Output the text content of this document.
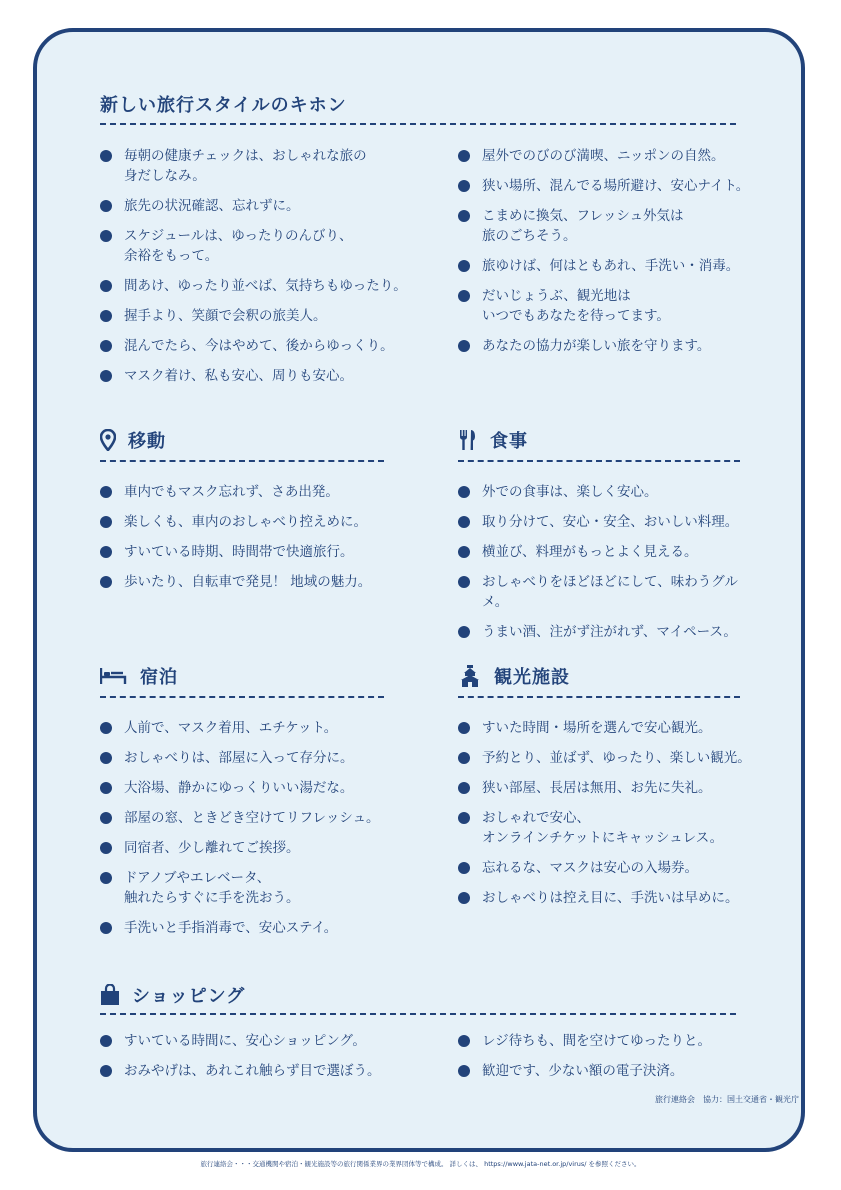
新しい旅行スタイルのキホン
毎朝の健康チェックは、おしゃれな旅の
身だしなみ。
旅先の状況確認、忘れずに。
スケジュールは、ゆったりのんびり、
余裕をもって。
間あけ、ゆったり並べば、気持ちもゆったり。
握手より、笑顔で会釈の旅美人。
混んでたら、今はやめて、後からゆっくり。
マスク着け、私も安心、周りも安心。
屋外でのびのび満喫、ニッポンの自然。
狭い場所、混んでる場所避け、安心ナイト。
こまめに換気、フレッシュ外気は
旅のごちそう。
旅ゆけば、何はともあれ、手洗い・消毒。
だいじょうぶ、観光地は
いつでもあなたを待ってます。
あなたの協力が楽しい旅を守ります。
移動
車内でもマスク忘れず、さあ出発。
楽しくも、車内のおしゃべり控えめに。
すいている時期、時間帯で快適旅行。
歩いたり、自転車で発見！ 地域の魅力。
食事
外での食事は、楽しく安心。
取り分けて、安心・安全、おいしい料理。
横並び、料理がもっとよく見える。
おしゃべりをほどほどにして、味わうグルメ。
うまい酒、注がず注がれず、マイペース。
宿泊
人前で、マスク着用、エチケット。
おしゃべりは、部屋に入って存分に。
大浴場、静かにゆっくりいい湯だな。
部屋の窓、ときどき空けてリフレッシュ。
同宿者、少し離れてご挨拶。
ドアノブやエレベータ、
触れたらすぐに手を洗おう。
手洗いと手指消毒で、安心ステイ。
観光施設
すいた時間・場所を選んで安心観光。
予約とり、並ばず、ゆったり、楽しい観光。
狭い部屋、長居は無用、お先に失礼。
おしゃれで安心、
オンラインチケットにキャッシュレス。
忘れるな、マスクは安心の入場券。
おしゃべりは控え目に、手洗いは早めに。
ショッピング
すいている時間に、安心ショッピング。
おみやげは、あれこれ触らず目で選ぼう。
レジ待ちも、間を空けてゆったりと。
歓迎です、少ない額の電子決済。
旅行連絡会　協力：国土交通省・観光庁
旅行連絡会・・・交通機関や宿泊・観光施設等の旅行関係業界の業界団体等で構成。 詳しくは、 https://www.jata-net.or.jp/virus/ を参照ください。
